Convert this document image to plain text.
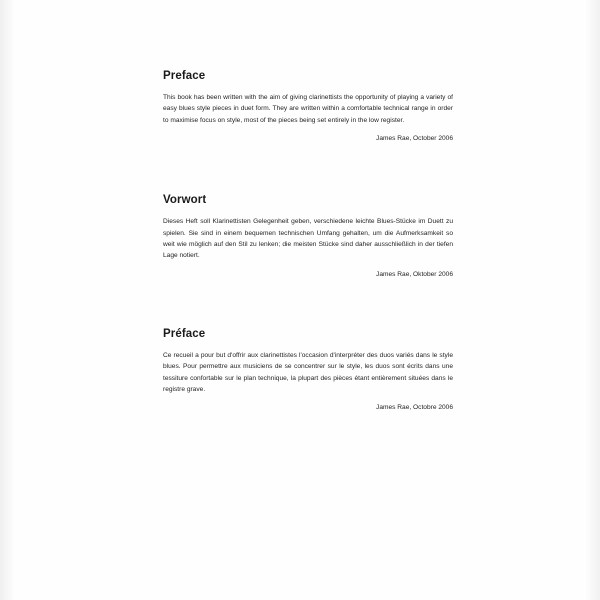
Preface

This book has been written with the aim of giving clarinettists the opportunity of playing a variety of easy blues style pieces in duet form. They are written within a comfortable technical range in order to maximise focus on style, most of the pieces being set entirely in the low register.

James Rae, October 2006

Vorwort

Dieses Heft soll Klarinettisten Gelegenheit geben, verschiedene leichte Blues-Stücke im Duett zu spielen. Sie sind in einem bequemen technischen Umfang gehalten, um die Aufmerksamkeit so weit wie möglich auf den Stil zu lenken; die meisten Stücke sind daher ausschließlich in der tiefen Lage notiert.

James Rae, Oktober 2006

Préface

Ce recueil a pour but d'offrir aux clarinettistes l'occasion d'interpréter des duos variés dans le style blues. Pour permettre aux musiciens de se concentrer sur le style, les duos sont écrits dans une tessiture confortable sur le plan technique, la plupart des pièces étant entièrement situées dans le registre grave.

James Rae, Octobre 2006
